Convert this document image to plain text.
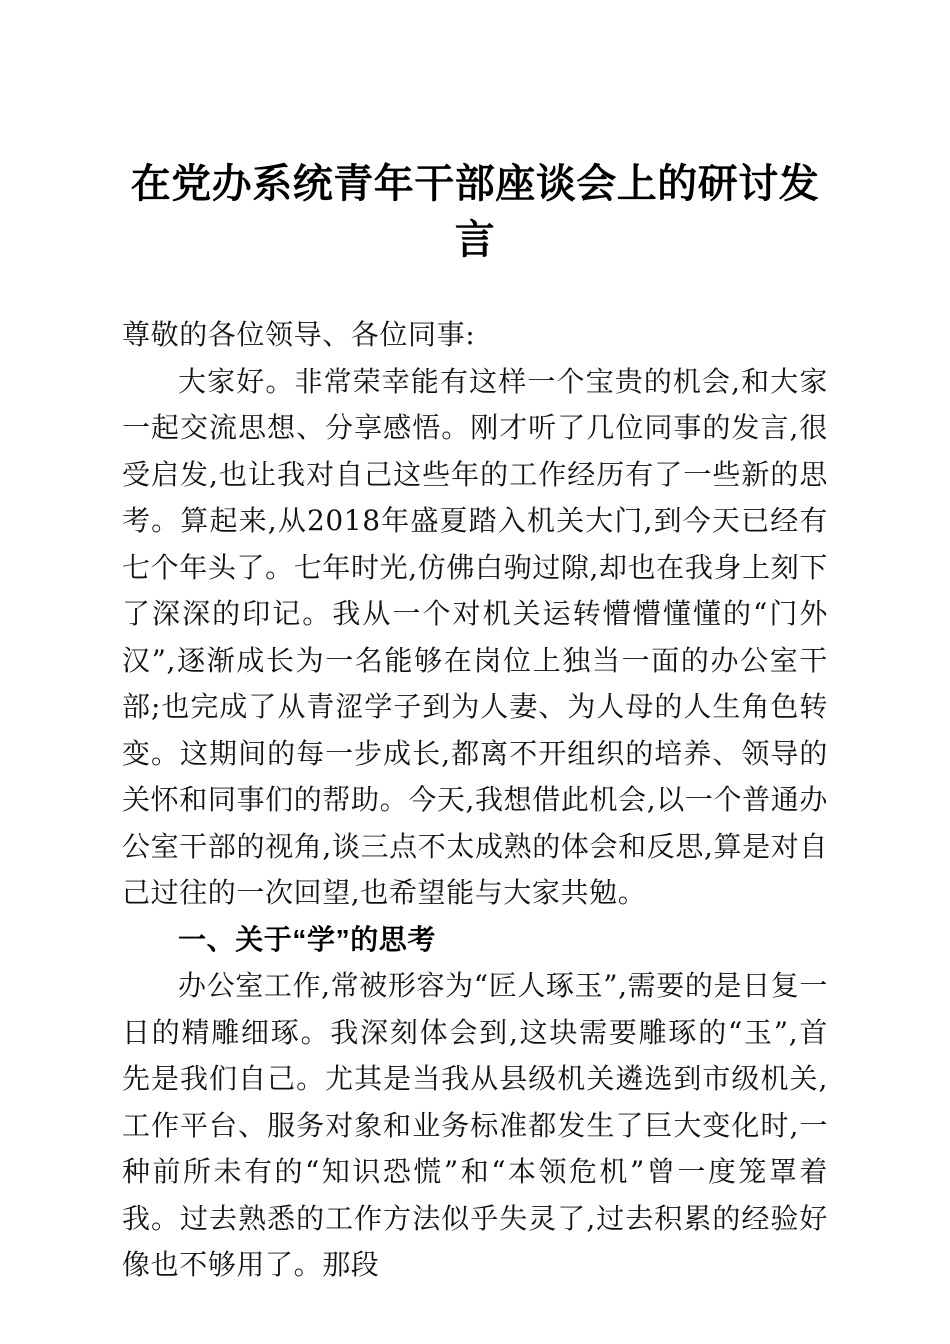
在党办系统青年干部座谈会上的研讨发言

尊敬的各位领导、各位同事:

大家好。非常荣幸能有这样一个宝贵的机会,和大家一起交流思想、分享感悟。刚才听了几位同事的发言,很受启发,也让我对自己这些年的工作经历有了一些新的思考。算起来,从2018年盛夏踏入机关大门,到今天已经有七个年头了。七年时光,仿佛白驹过隙,却也在我身上刻下了深深的印记。我从一个对机关运转懵懵懂懂的“门外汉”,逐渐成长为一名能够在岗位上独当一面的办公室干部;也完成了从青涩学子到为人妻、为人母的人生角色转变。这期间的每一步成长,都离不开组织的培养、领导的关怀和同事们的帮助。今天,我想借此机会,以一个普通办公室干部的视角,谈三点不太成熟的体会和反思,算是对自己过往的一次回望,也希望能与大家共勉。

一、关于“学”的思考

办公室工作,常被形容为“匠人琢玉”,需要的是日复一日的精雕细琢。我深刻体会到,这块需要雕琢的“玉”,首先是我们自己。尤其是当我从县级机关遴选到市级机关,工作平台、服务对象和业务标准都发生了巨大变化时,一种前所未有的“知识恐慌”和“本领危机”曾一度笼罩着我。过去熟悉的工作方法似乎失灵了,过去积累的经验好像也不够用了。那段
